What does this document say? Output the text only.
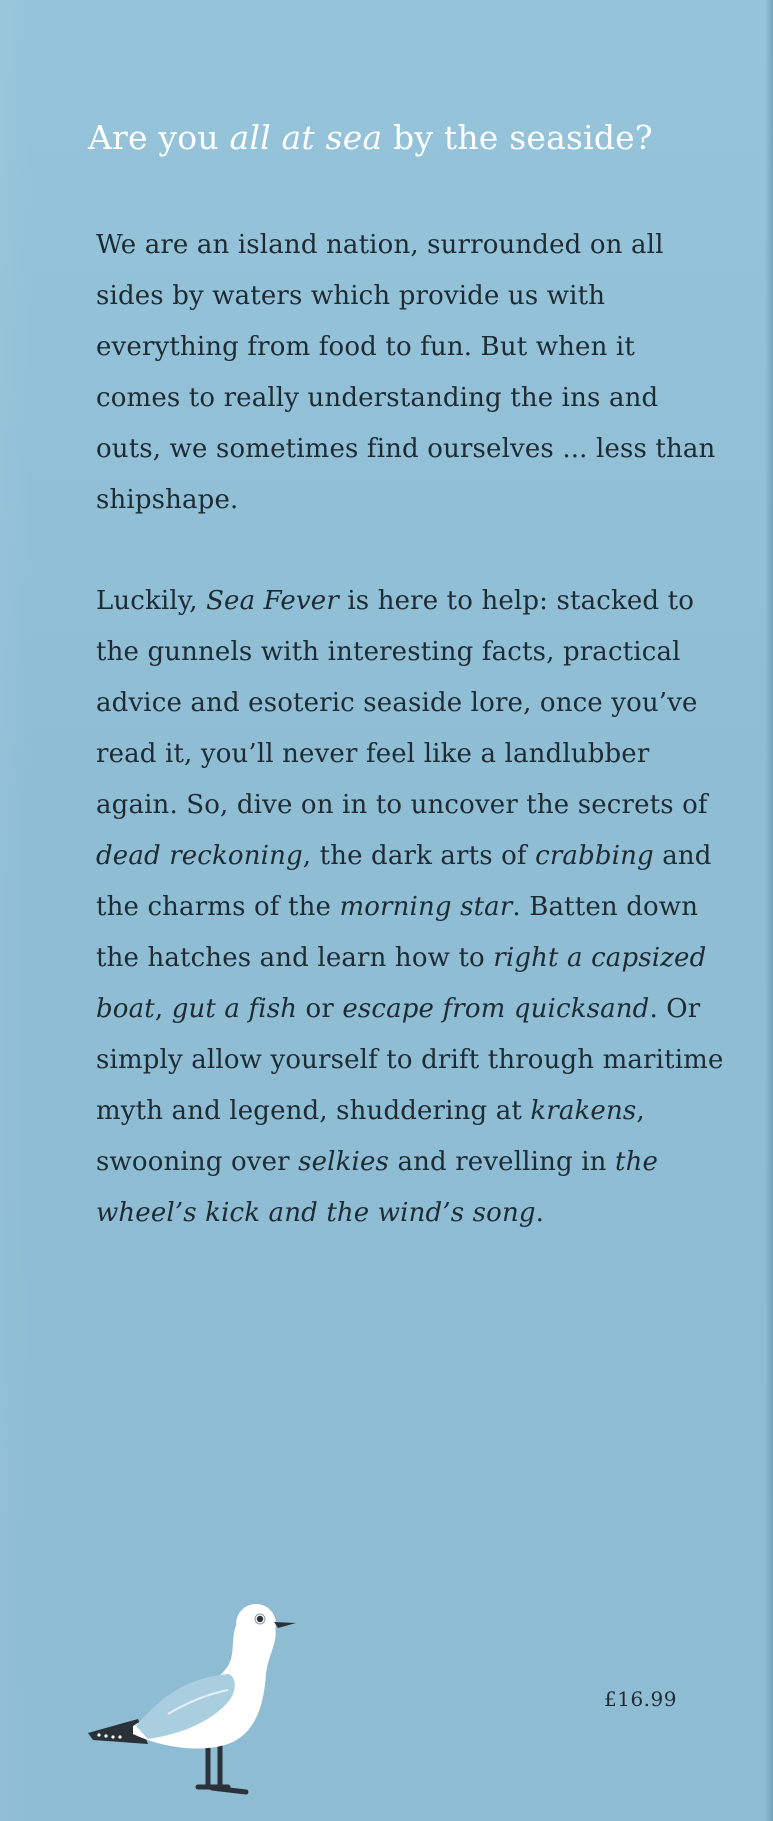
Are you all at sea by the seaside?

We are an island nation, surrounded on all sides by waters which provide us with everything from food to fun. But when it comes to really understanding the ins and outs, we sometimes find ourselves ... less than shipshape.

Luckily, Sea Fever is here to help: stacked to the gunnels with interesting facts, practical advice and esoteric seaside lore, once you’ve read it, you’ll never feel like a landlubber again. So, dive on in to uncover the secrets of dead reckoning, the dark arts of crabbing and the charms of the morning star. Batten down the hatches and learn how to right a capsized boat, gut a fish or escape from quicksand. Or simply allow yourself to drift through maritime myth and legend, shuddering at krakens, swooning over selkies and revelling in the wheel’s kick and the wind’s song.

£16.99
